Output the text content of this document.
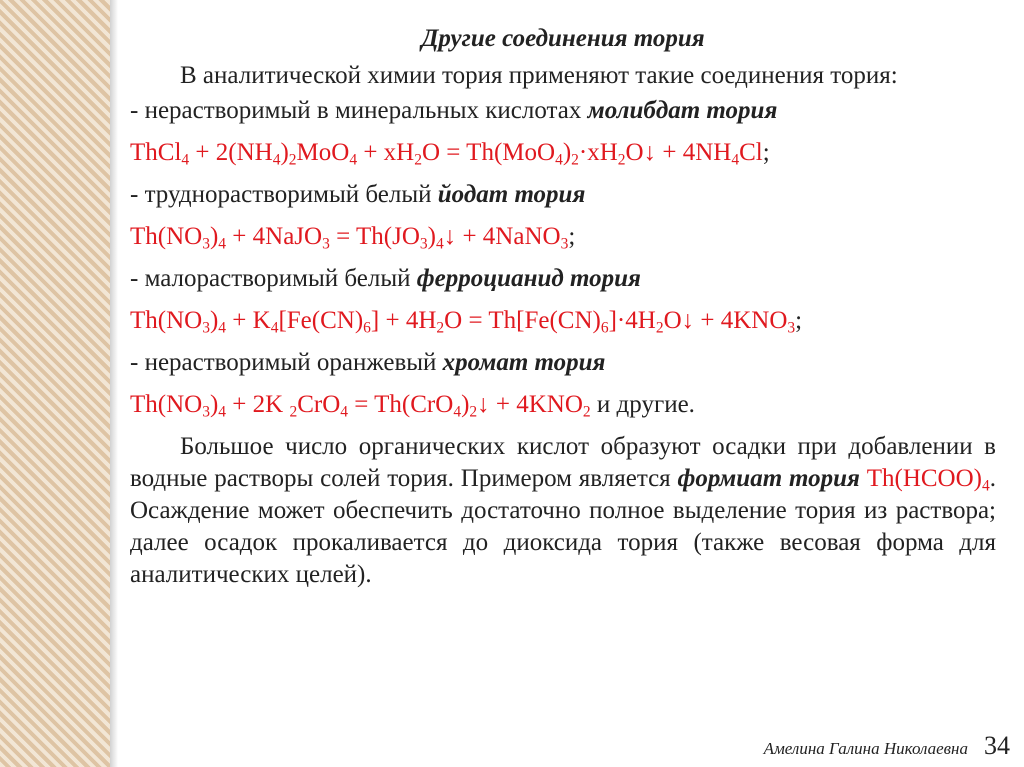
Другие соединения тория

В аналитической химии тория применяют такие соединения тория:

- нерастворимый в минеральных кислотах молибдат тория
ThCl$_4$ + $2(NH_4)_2MoO_4 + xH_2O$ = $Th(MoO_4)_2\cdot xH_2O↓ + 4NH_4Cl$;
- труднорастворимый белый йодат тория
$Th(NO_3)_4$ + 4NaJO$_3$ = $Th(JO_3)_4↓$ + 4NaNO$_3$;
- малорастворимый белый ферроцианид тория
$Th(NO_3)_4 + K_4[Fe(CN)_6] + 4H_2O$ = $Th[Fe(CN)_6]\cdot 4H_2O↓ + 4KNO_3$;
- нерастворимый оранжевый хромат тория
$Th(NO_3)_4 + 2K$ $_2CrO_4 = Th(CrO_4)_2↓ + 4KNO_2$ и другие.

Большое число органических кислот образуют осадки при добавлении в водные растворы солей тория. Примером является формиат тория $Th(HCOO)_4$. Осаждение может обеспечить достаточно полное выделение тория из раствора; далее осадок прокаливается до диоксида тория (также весовая форма для аналитических целей).

Амелина Галина Николаевна 34
